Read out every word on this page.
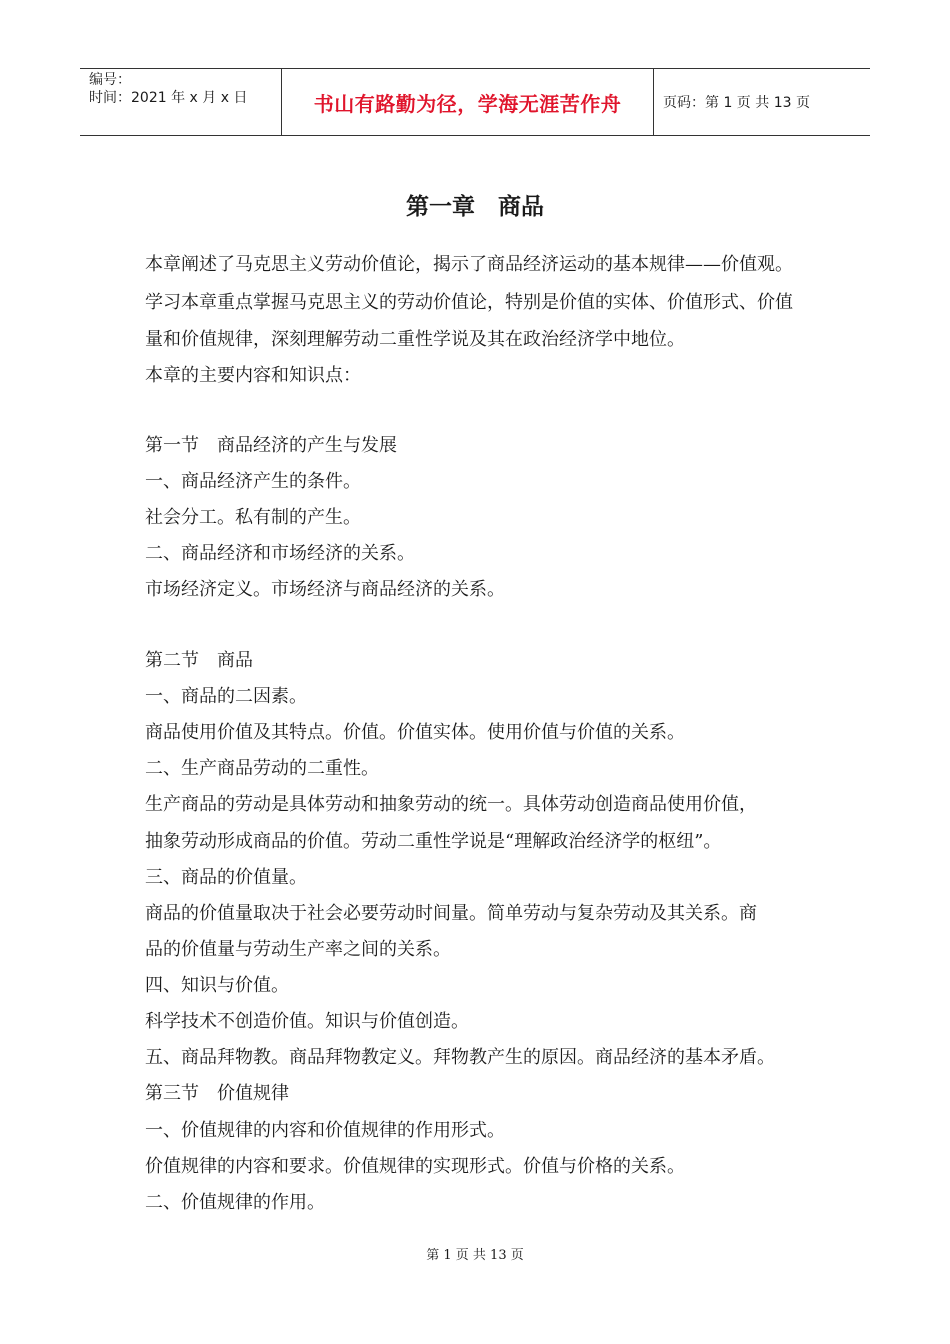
编号：
时间：2021 年 x 月 x 日	书山有路勤为径，学海无涯苦作舟	页码：第 1 页 共 13 页
第一章　商品

本章阐述了马克思主义劳动价值论，揭示了商品经济运动的基本规律——价值观。学习本章重点掌握马克思主义的劳动价值论，特别是价值的实体、价值形式、价值量和价值规律，深刻理解劳动二重性学说及其在政治经济学中地位。

本章的主要内容和知识点：

第一节　商品经济的产生与发展

一、商品经济产生的条件。

社会分工。私有制的产生。

二、商品经济和市场经济的关系。

市场经济定义。市场经济与商品经济的关系。

第二节　商品

一、商品的二因素。

商品使用价值及其特点。价值。价值实体。使用价值与价值的关系。

二、生产商品劳动的二重性。

生产商品的劳动是具体劳动和抽象劳动的统一。具体劳动创造商品使用价值，

抽象劳动形成商品的价值。劳动二重性学说是“理解政治经济学的枢纽”。

三、商品的价值量。

商品的价值量取决于社会必要劳动时间量。简单劳动与复杂劳动及其关系。商

品的价值量与劳动生产率之间的关系。

四、知识与价值。

科学技术不创造价值。知识与价值创造。

五、商品拜物教。商品拜物教定义。拜物教产生的原因。商品经济的基本矛盾。

第三节　价值规律

一、价值规律的内容和价值规律的作用形式。

价值规律的内容和要求。价值规律的实现形式。价值与价格的关系。

二、价值规律的作用。

第 1 页 共 13 页
